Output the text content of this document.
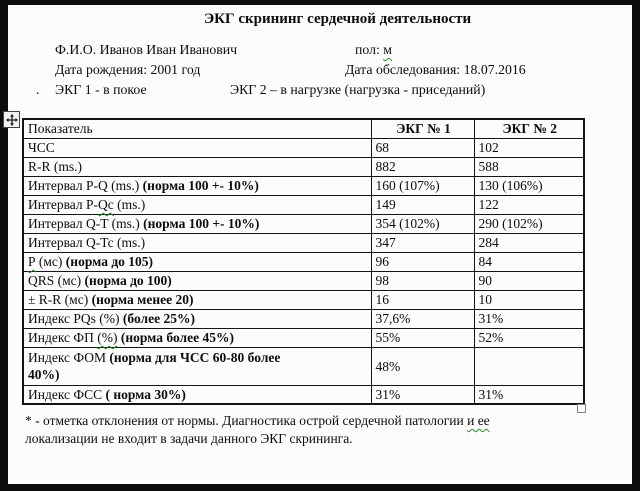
ЭКГ скрининг сердечной деятельности
Ф.И.О. Иванов Иван Иванович	пол: м
Дата рождения: 2001 год	Дата обследования: 18.07.2016
. ЭКГ 1 - в покое	ЭКГ 2 – в нагрузке (нагрузка - приседаний)
Показатель	ЭКГ № 1	ЭКГ № 2
ЧСС	68	102
R-R (ms.)	882	588
Интервал P-Q (ms.) (норма 100 +- 10%)	160 (107%)	130 (106%)
Интервал P-Qc (ms.)	149	122
Интервал Q-T (ms.) (норма 100 +- 10%)	354 (102%)	290 (102%)
Интервал Q-Tc (ms.)	347	284
Р (мс) (норма до 105)	96	84
QRS (мс) (норма до 100)	98	90
± R-R (мс) (норма менее 20)	16	10
Индекс PQs (%) (более 25%)	37,6%	31%
Индекс ФП (%) (норма более 45%)	55%	52%
Индекс ФОМ (норма для ЧСС 60-80 более
40%)	48%	
Индекс ФСС ( норма 30%)	31%	31%
* - отметка отклонения от нормы. Диагностика острой сердечной патологии и ее
локализации не входит в задачи данного ЭКГ скрининга.
